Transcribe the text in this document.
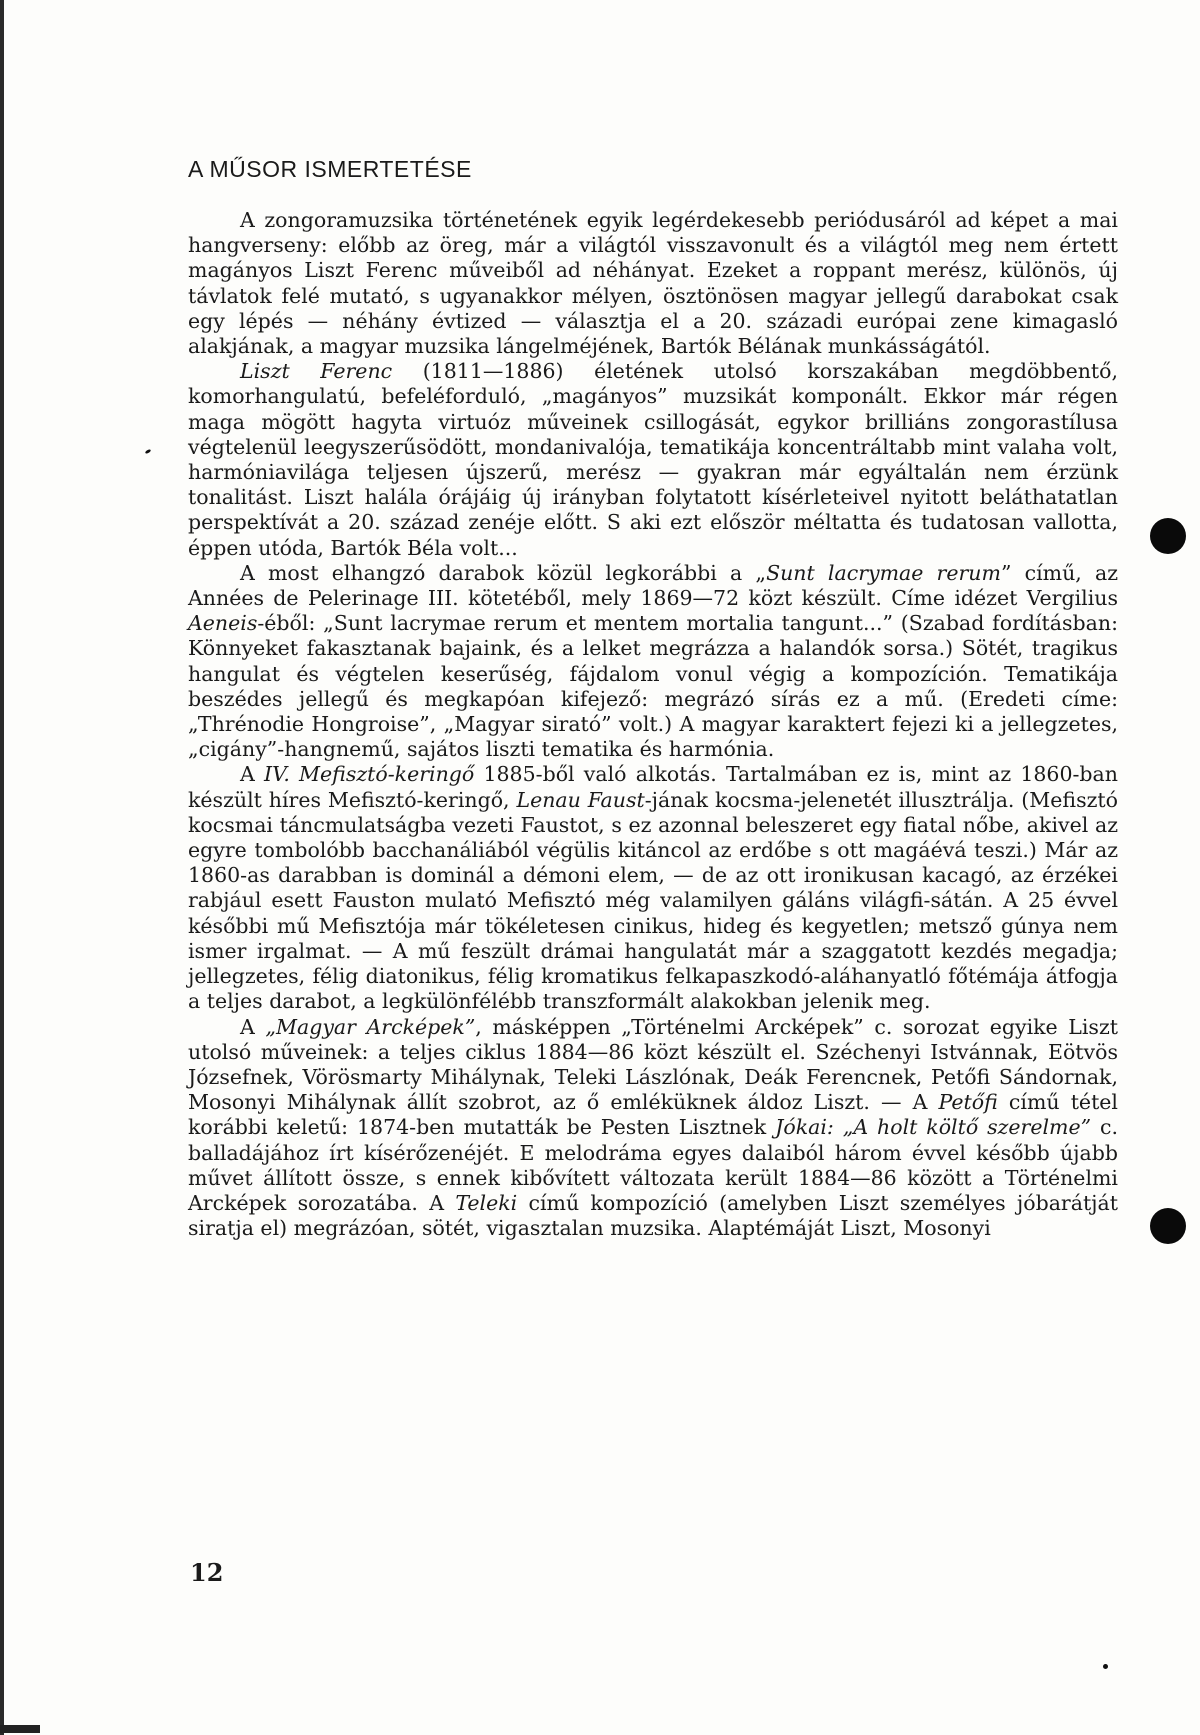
A MŰSOR ISMERTETÉSE

A zongoramuzsika történetének egyik legérdekesebb periódusáról ad képet a mai hangverseny: előbb az öreg, már a világtól visszavonult és a világtól meg nem értett magányos Liszt Ferenc műveiből ad néhányat. Ezeket a roppant merész, különös, új távlatok felé mutató, s ugyanakkor mélyen, ösztönösen magyar jellegű darabokat csak egy lépés — néhány évtized — választja el a 20. századi európai zene kimagasló alakjának, a magyar muzsika lángelméjének, Bartók Bélának munkásságától.

Liszt Ferenc (1811—1886) életének utolsó korszakában megdöbbentő, komorhangulatú, befeléforduló, „magányos” muzsikát komponált. Ekkor már régen maga mögött hagyta virtuóz műveinek csillogását, egykor brilliáns zongorastílusa végtelenül leegyszerűsödött, mondanivalója, tematikája koncentráltabb mint valaha volt, harmóniavilága teljesen újszerű, merész — gyakran már egyáltalán nem érzünk tonalitást. Liszt halála órájáig új irányban folytatott kísérleteivel nyitott beláthatatlan perspektívát a 20. század zenéje előtt. S aki ezt először méltatta és tudatosan vallotta, éppen utóda, Bartók Béla volt...

A most elhangzó darabok közül legkorábbi a „Sunt lacrymae rerum” című, az Années de Pelerinage III. kötetéből, mely 1869—72 közt készült. Címe idézet Vergilius Aeneis-éből: „Sunt lacrymae rerum et mentem mortalia tangunt...” (Szabad fordításban: Könnyeket fakasztanak bajaink, és a lelket megrázza a halandók sorsa.) Sötét, tragikus hangulat és végtelen keserűség, fájdalom vonul végig a kompozíción. Tematikája beszédes jellegű és megkapóan kifejező: megrázó sírás ez a mű. (Eredeti címe: „Thrénodie Hongroise”, „Magyar sirató” volt.) A magyar karaktert fejezi ki a jellegzetes, „cigány”-hangnemű, sajátos liszti tematika és harmónia.

A IV. Mefisztó-keringő 1885-ből való alkotás. Tartalmában ez is, mint az 1860-ban készült híres Mefisztó-keringő, Lenau Faust-jának kocsma-jelenetét illusztrálja. (Mefisztó kocsmai táncmulatságba vezeti Faustot, s ez azonnal beleszeret egy fiatal nőbe, akivel az egyre tombolóbb bacchanáliából végülis kitáncol az erdőbe s ott magáévá teszi.) Már az 1860-as darabban is dominál a démoni elem, — de az ott ironikusan kacagó, az érzékei rabjául esett Fauston mulató Mefisztó még valamilyen gáláns világfi-sátán. A 25 évvel későbbi mű Mefisztója már tökéletesen cinikus, hideg és kegyetlen; metsző gúnya nem ismer irgalmat. — A mű feszült drámai hangulatát már a szaggatott kezdés megadja; jellegzetes, félig diatonikus, félig kromatikus felkapaszkodó-aláhanyatló főtémája átfogja a teljes darabot, a legkülönfélébb transzformált alakokban jelenik meg.

A „Magyar Arcképek”, másképpen „Történelmi Arcképek” c. sorozat egyike Liszt utolsó műveinek: a teljes ciklus 1884—86 közt készült el. Széchenyi Istvánnak, Eötvös Józsefnek, Vörösmarty Mihálynak, Teleki Lászlónak, Deák Ferencnek, Petőfi Sándornak, Mosonyi Mihálynak állít szobrot, az ő emléküknek áldoz Liszt. — A Petőfi című tétel korábbi keletű: 1874-ben mutatták be Pesten Lisztnek Jókai: „A holt költő szerelme” c. balladájához írt kísérőzenéjét. E melodráma egyes dalaiból három évvel később újabb művet állított össze, s ennek kibővített változata került 1884—86 között a Történelmi Arcképek sorozatába. A Teleki című kompozíció (amelyben Liszt személyes jóbarátját siratja el) megrázóan, sötét, vigasztalan muzsika. Alaptémáját Liszt, Mosonyi

12
